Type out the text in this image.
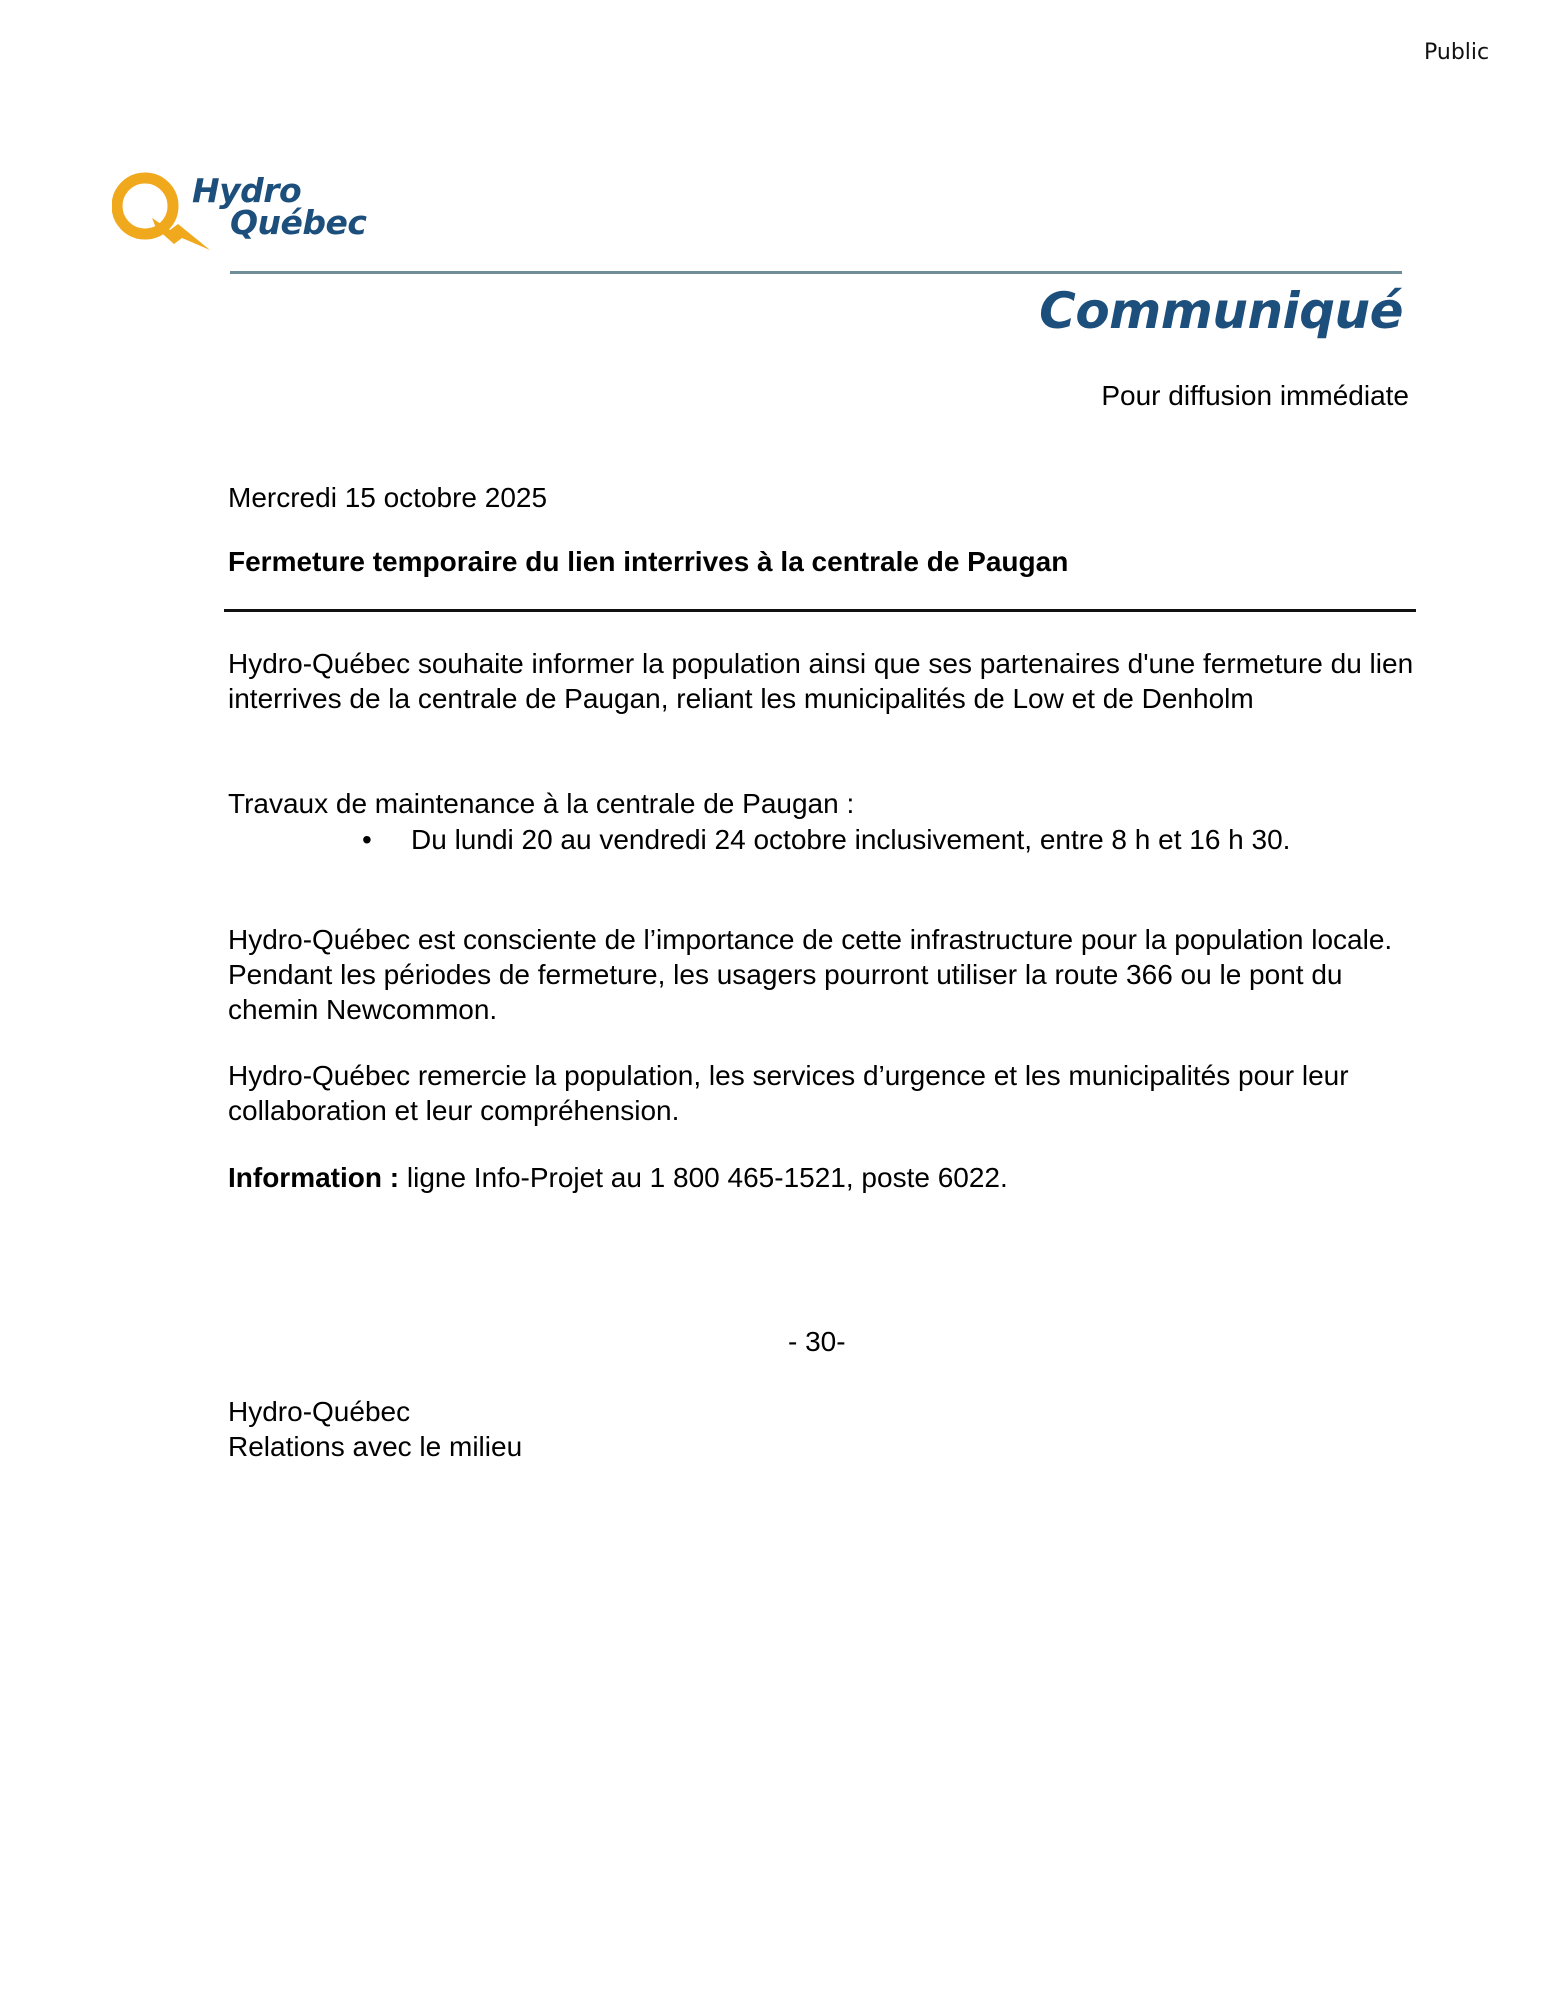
Public
Hydro
Québec
Communiqué
Pour diffusion immédiate
Mercredi 15 octobre 2025
Fermeture temporaire du lien interrives à la centrale de Paugan
Hydro-Québec souhaite informer la population ainsi que ses partenaires d'une fermeture du lien interrives de la centrale de Paugan, reliant les municipalités de Low et de Denholm
Travaux de maintenance à la centrale de Paugan :
•	Du lundi 20 au vendredi 24 octobre inclusivement, entre 8 h et 16 h 30.
Hydro-Québec est consciente de l’importance de cette infrastructure pour la population locale. Pendant les périodes de fermeture, les usagers pourront utiliser la route 366 ou le pont du chemin Newcommon.
Hydro-Québec remercie la population, les services d’urgence et les municipalités pour leur collaboration et leur compréhension.
Information : ligne Info-Projet au 1 800 465-1521, poste 6022.
- 30-
Hydro-Québec
Relations avec le milieu
